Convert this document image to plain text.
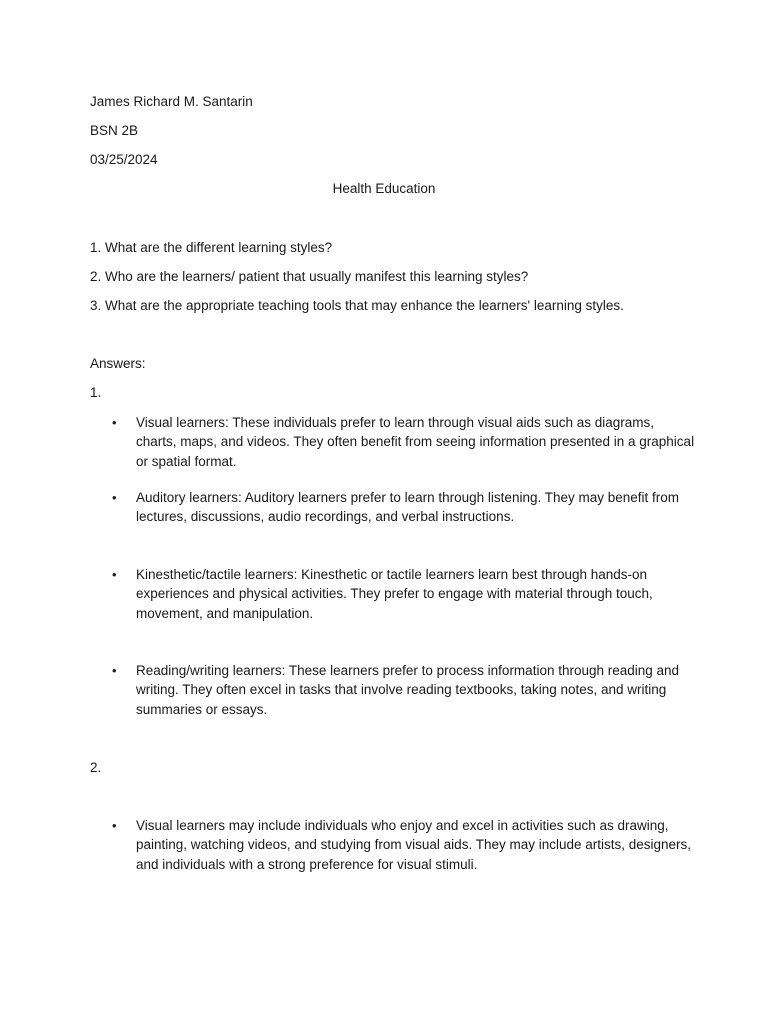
James Richard M. Santarin
BSN 2B
03/25/2024
Health Education
1. What are the different learning styles?
2. Who are the learners/ patient that usually manifest this learning styles?
3. What are the appropriate teaching tools that may enhance the learners' learning styles.
Answers:
1.
• Visual learners: These individuals prefer to learn through visual aids such as diagrams, charts, maps, and videos. They often benefit from seeing information presented in a graphical or spatial format.

• Auditory learners: Auditory learners prefer to learn through listening. They may benefit from lectures, discussions, audio recordings, and verbal instructions.

• Kinesthetic/tactile learners: Kinesthetic or tactile learners learn best through hands-on experiences and physical activities. They prefer to engage with material through touch, movement, and manipulation.

• Reading/writing learners: These learners prefer to process information through reading and writing. They often excel in tasks that involve reading textbooks, taking notes, and writing summaries or essays.

2.
• Visual learners may include individuals who enjoy and excel in activities such as drawing, painting, watching videos, and studying from visual aids. They may include artists, designers, and individuals with a strong preference for visual stimuli.
